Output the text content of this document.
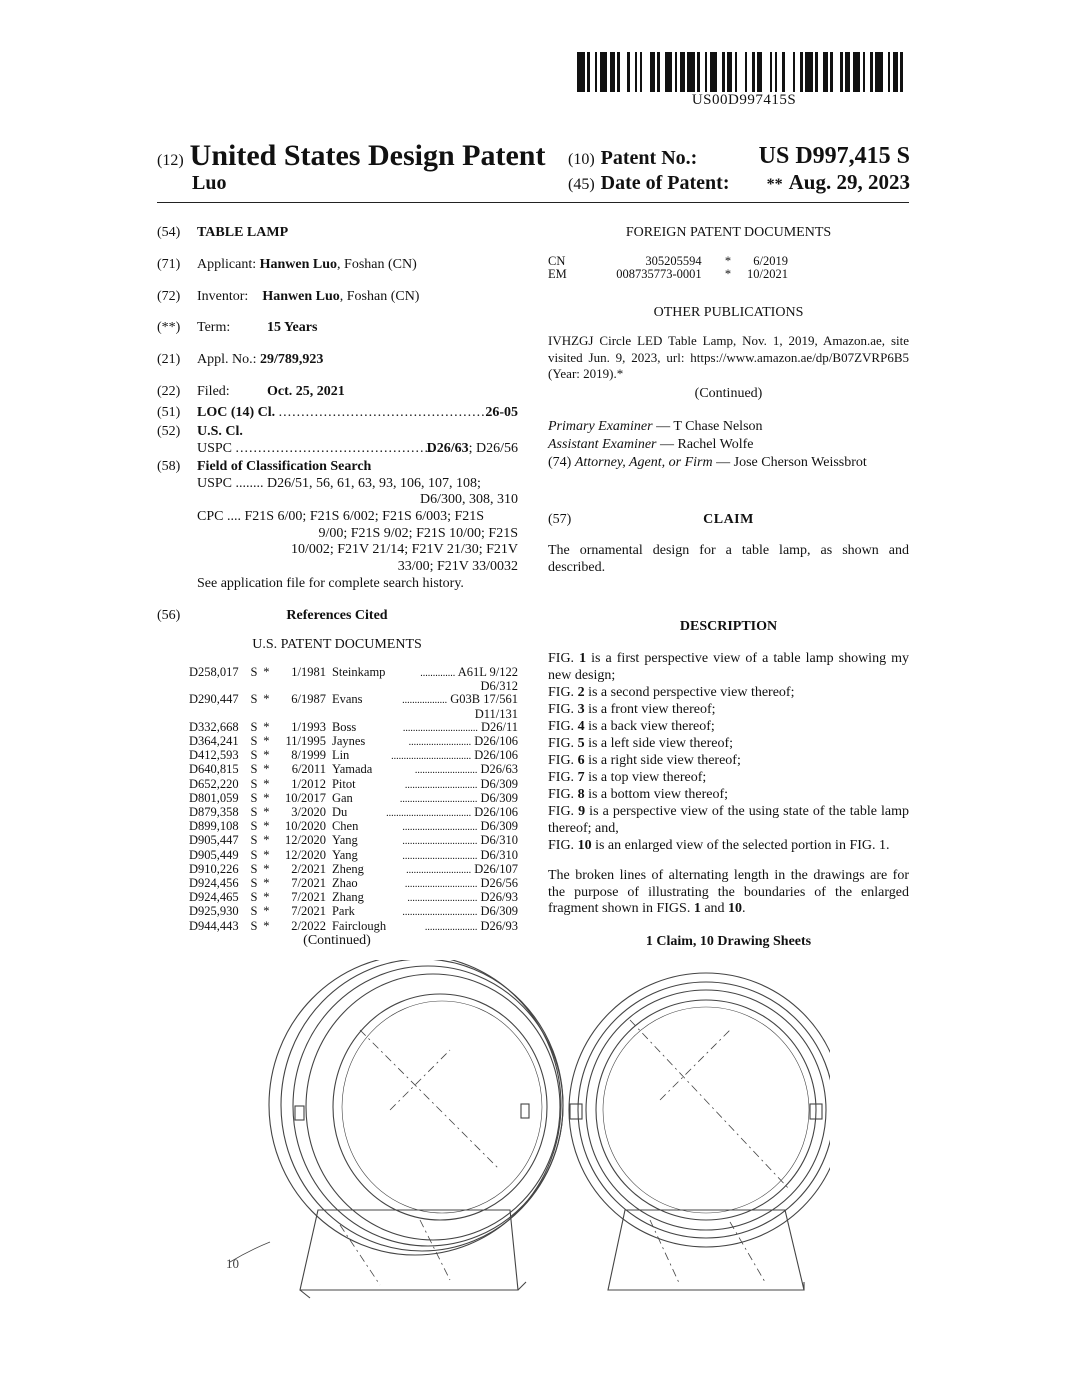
US00D997415S
(12) United States Design Patent
Luo
(10) Patent No.:	US D997,415 S
(45) Date of Patent: ** Aug. 29, 2023
(54) TABLE LAMP
(71) Applicant: Hanwen Luo, Foshan (CN)
(72) Inventor: Hanwen Luo, Foshan (CN)
(**) Term:	15 Years
(21) Appl. No.: 29/789,923
(22) Filed:	Oct. 25, 2021
(51) LOC (14) Cl. .............................................. 26-05
(52) U.S. Cl.
USPC ............................................
D26/63; D26/56
(58) Field of Classification Search
USPC ........ D26/51, 56, 61, 63, 93, 106, 107, 108;
D6/300, 308, 310
CPC .... F21S 6/00; F21S 6/002; F21S 6/003; F21S
9/00; F21S 9/02; F21S 10/00; F21S
10/002; F21V 21/14; F21V 21/30; F21V
33/00; F21V 33/0032
See application file for complete search history.
(56)	References Cited
U.S. PATENT DOCUMENTS
D258,017	S	*	1/1981	Steinkamp	.............. A61L 9/122
D6/312					
D290,447	S	*	6/1987	Evans	.................. G03B 17/561
D11/131					
D332,668	S	*	1/1993	Boss	.............................. D26/11
D364,241	S	*	11/1995	Jaynes	......................... D26/106
D412,593	S	*	8/1999	Lin	................................ D26/106
D640,815	S	*	6/2011	Yamada	......................... D26/63
D652,220	S	*	1/2012	Pitot	............................. D6/309
D801,059	S	*	10/2017	Gan	............................... D6/309
D879,358	S	*	3/2020	Du	.................................. D26/106
D899,108	S	*	10/2020	Chen	.............................. D6/309
D905,447	S	*	12/2020	Yang	.............................. D6/310
D905,449	S	*	12/2020	Yang	.............................. D6/310
D910,226	S	*	2/2021	Zheng	.......................... D26/107
D924,456	S	*	7/2021	Zhao	............................. D26/56
D924,465	S	*	7/2021	Zhang	............................ D26/93
D925,930	S	*	7/2021	Park	.............................. D6/309
D944,443	S	*	2/2022	Fairclough	..................... D26/93
(Continued)
FOREIGN PATENT DOCUMENTS
CN	305205594	*	6/2019
EM	008735773-0001	*	10/2021
OTHER PUBLICATIONS
IVHZGJ Circle LED Table Lamp, Nov. 1, 2019, Amazon.ae, site visited Jun. 9, 2023, url: https://www.amazon.ae/dp/B07ZVRP6B5 (Year: 2019).*
(Continued)
Primary Examiner — T Chase Nelson
Assistant Examiner — Rachel Wolfe
(74) Attorney, Agent, or Firm — Jose Cherson Weissbrot
(57)	CLAIM
The ornamental design for a table lamp, as shown and described.
DESCRIPTION
FIG. 1 is a first perspective view of a table lamp showing my new design;
FIG. 2 is a second perspective view thereof;
FIG. 3 is a front view thereof;
FIG. 4 is a back view thereof;
FIG. 5 is a left side view thereof;
FIG. 6 is a right side view thereof;
FIG. 7 is a top view thereof;
FIG. 8 is a bottom view thereof;
FIG. 9 is a perspective view of the using state of the table lamp thereof; and,
FIG. 10 is an enlarged view of the selected portion in FIG. 1.
The broken lines of alternating length in the drawings are for the purpose of illustrating the boundaries of the enlarged fragment shown in FIGS. 1 and 10.
1 Claim, 10 Drawing Sheets
10
